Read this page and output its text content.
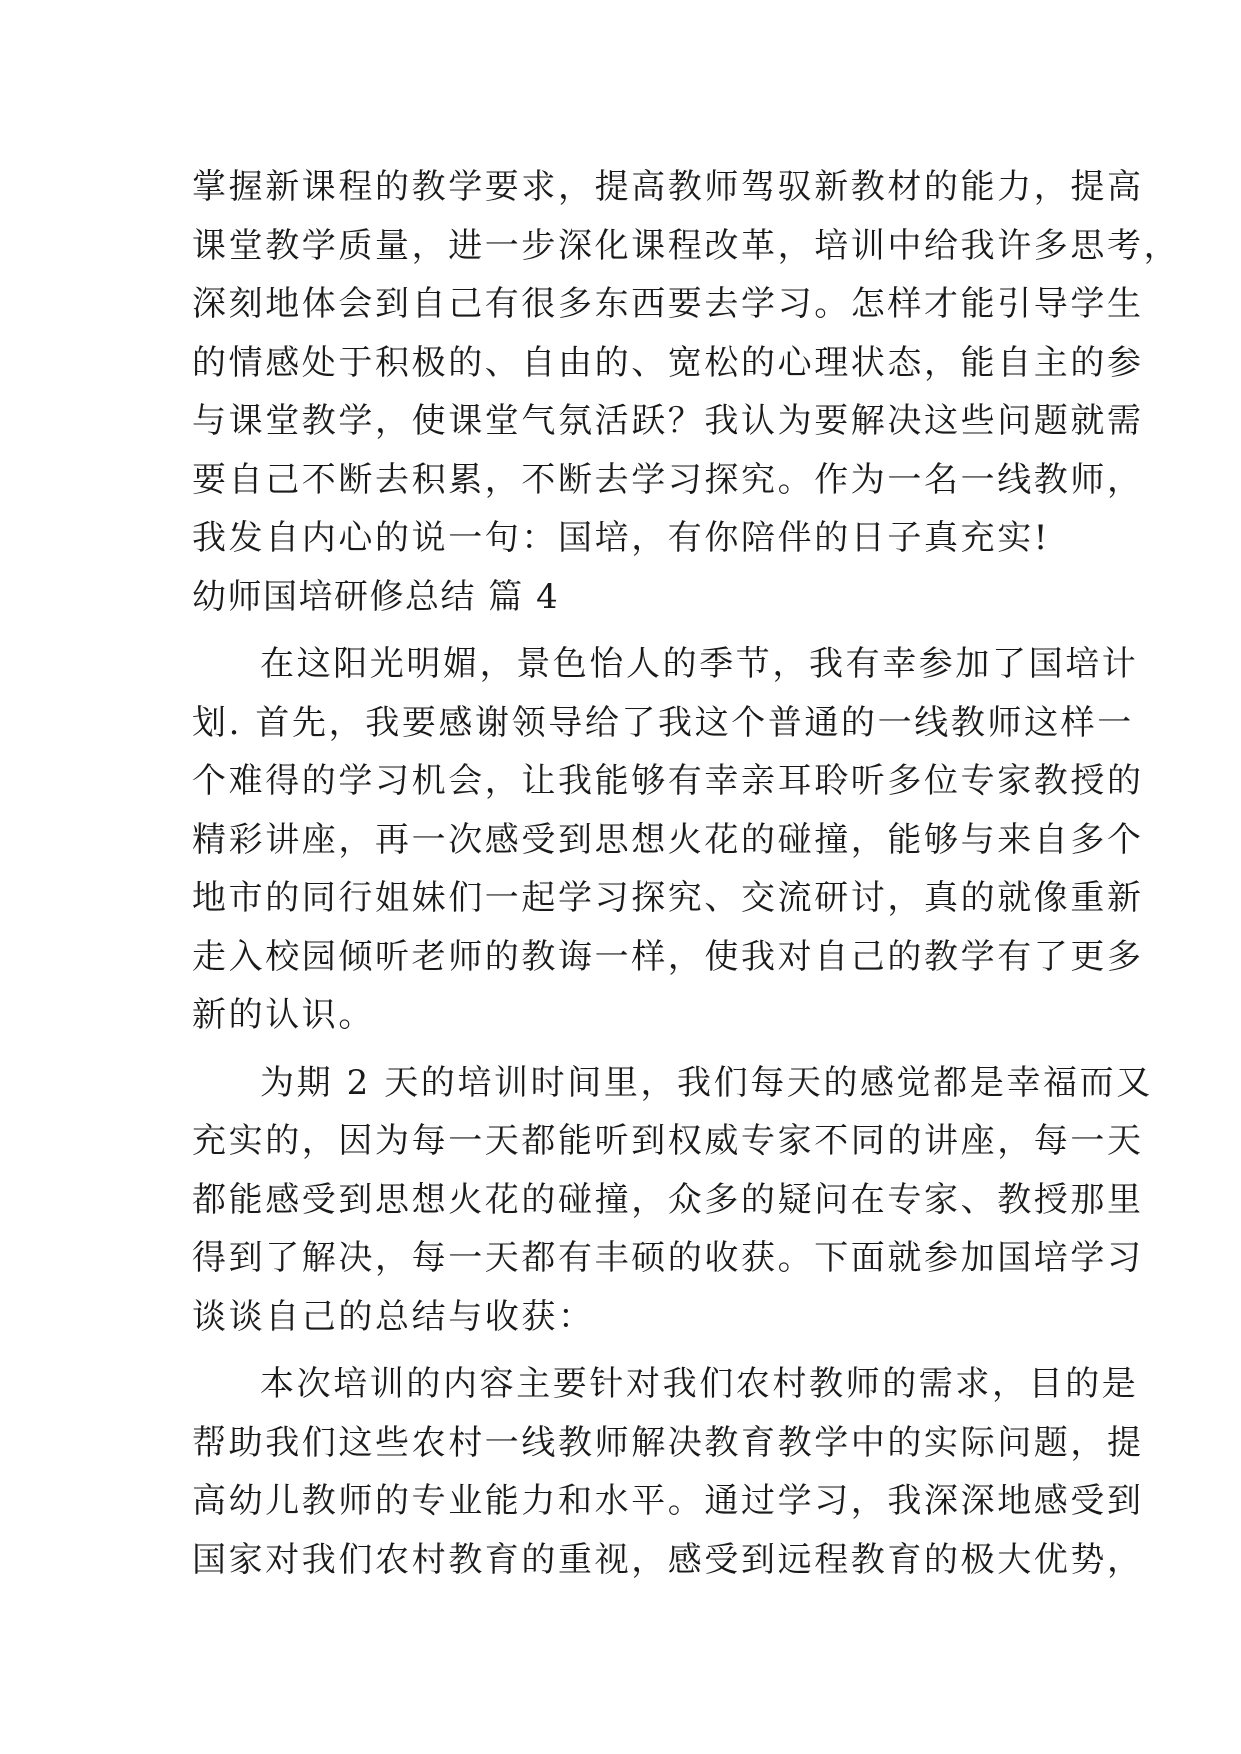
掌握新课程的教学要求，提高教师驾驭新教材的能力，提高
课堂教学质量，进一步深化课程改革，培训中给我许多思考，
深刻地体会到自己有很多东西要去学习。怎样才能引导学生
的情感处于积极的、自由的、宽松的心理状态，能自主的参
与课堂教学，使课堂气氛活跃？我认为要解决这些问题就需
要自己不断去积累，不断去学习探究。作为一名一线教师，
我发自内心的说一句：国培，有你陪伴的日子真充实!
幼师国培研修总结 篇 4
在这阳光明媚，景色怡人的季节，我有幸参加了国培计
划. 首先，我要感谢领导给了我这个普通的一线教师这样一
个难得的学习机会，让我能够有幸亲耳聆听多位专家教授的
精彩讲座，再一次感受到思想火花的碰撞，能够与来自多个
地市的同行姐妹们一起学习探究、交流研讨，真的就像重新
走入校园倾听老师的教诲一样，使我对自己的教学有了更多
新的认识。
为期 2 天的培训时间里，我们每天的感觉都是幸福而又
充实的，因为每一天都能听到权威专家不同的讲座，每一天
都能感受到思想火花的碰撞，众多的疑问在专家、教授那里
得到了解决，每一天都有丰硕的收获。下面就参加国培学习
谈谈自己的总结与收获：
本次培训的内容主要针对我们农村教师的需求，目的是
帮助我们这些农村一线教师解决教育教学中的实际问题，提
高幼儿教师的专业能力和水平。通过学习，我深深地感受到
国家对我们农村教育的重视，感受到远程教育的极大优势，
